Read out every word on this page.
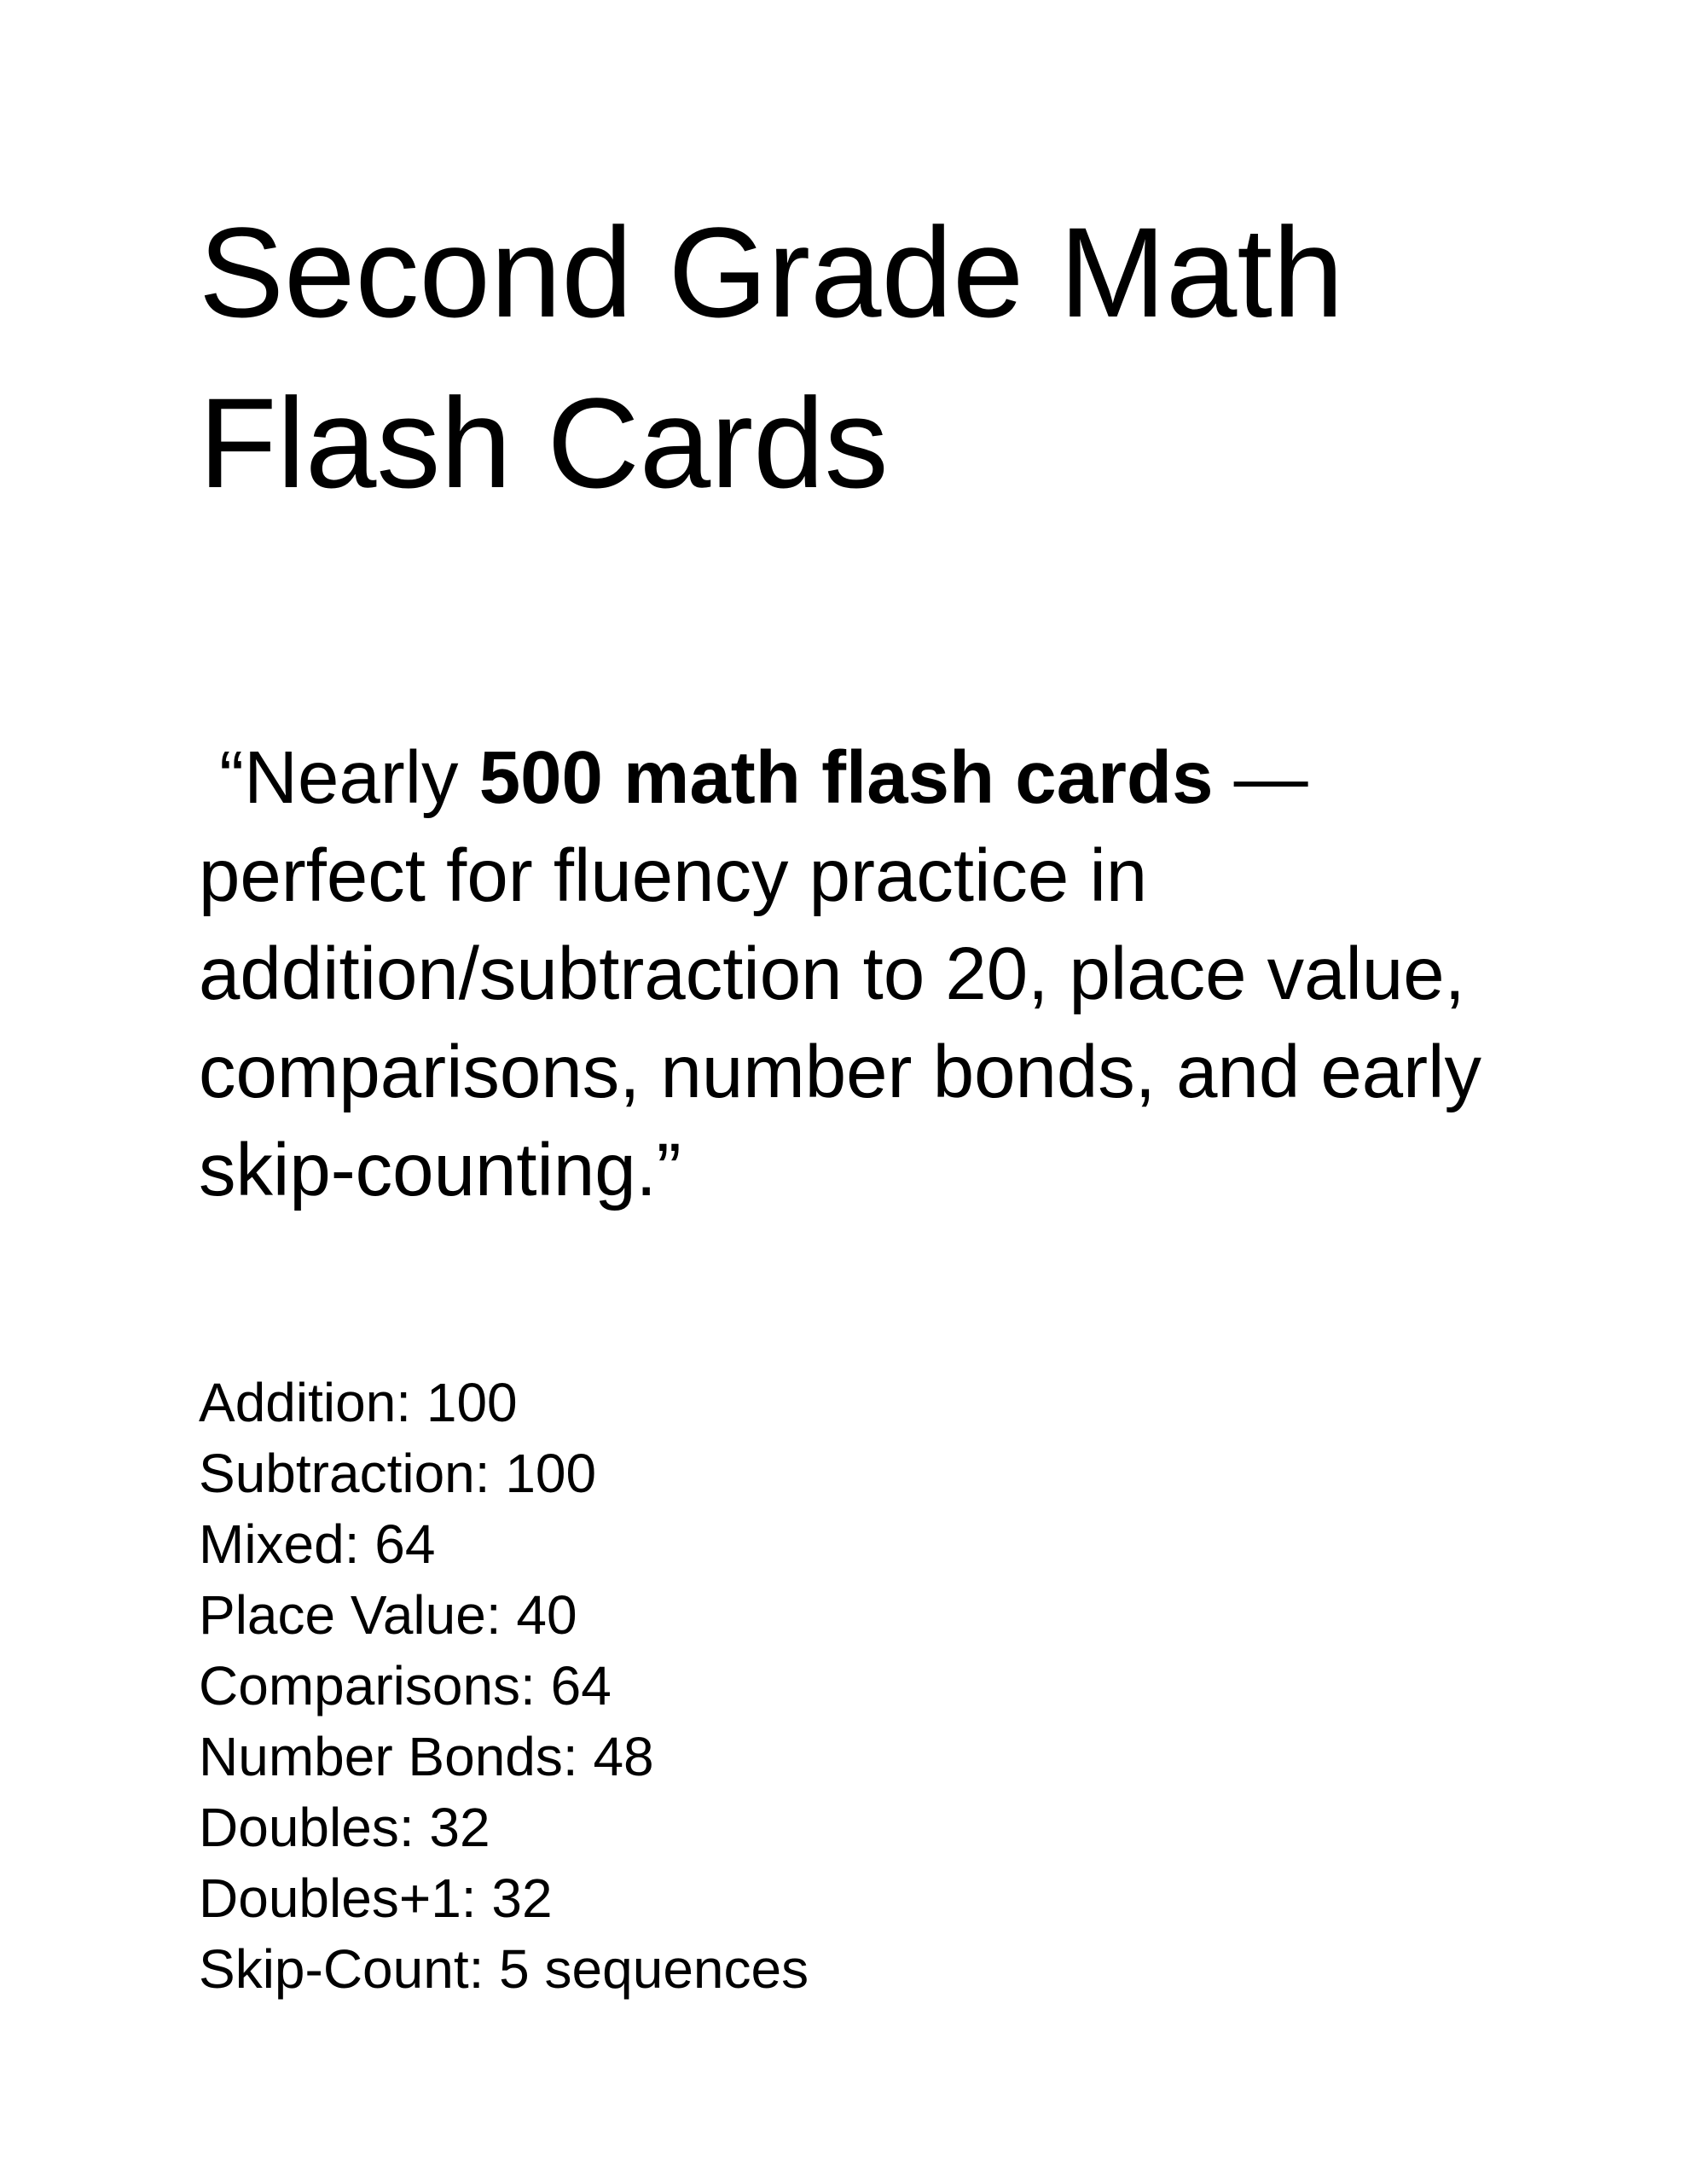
Second Grade Math Flash Cards

“Nearly 500 math flash cards — perfect for fluency practice in addition/subtraction to 20, place value, comparisons, number bonds, and early skip-counting.”

Addition: 100
Subtraction: 100
Mixed: 64
Place Value: 40
Comparisons: 64
Number Bonds: 48
Doubles: 32
Doubles+1: 32
Skip-Count: 5 sequences
